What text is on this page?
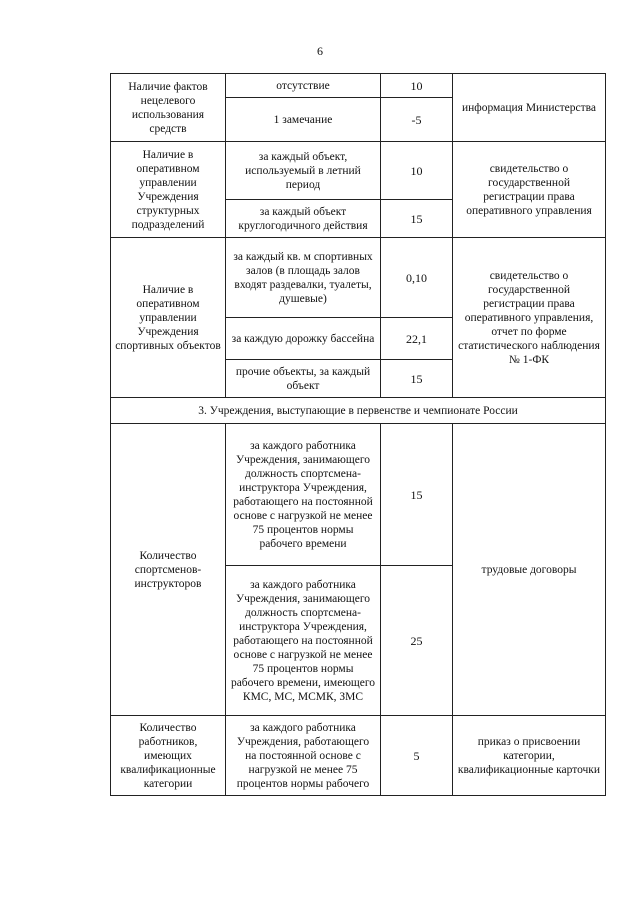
6
Наличие фактов нецелевого использования средств	отсутствие	10	информация Министерства
	1 замечание	-5	
Наличие в оперативном управлении Учреждения структурных подразделений	за каждый объект, используемый в летний период	10	свидетельство о государственной регистрации права оперативного управления
	за каждый объект круглогодичного действия	15	
Наличие в оперативном управлении Учреждения спортивных объектов	за каждый кв. м спортивных залов (в площадь залов входят раздевалки, туалеты, душевые)	0,10	свидетельство о государственной регистрации права оперативного управления, отчет по форме статистического наблюдения № 1-ФК
	за каждую дорожку бассейна	22,1	
	прочие объекты, за каждый объект	15	
3. Учреждения, выступающие в первенстве и чемпионате России			
Количество спортсменов-инструкторов	за каждого работника Учреждения, занимающего должность спортсмена-инструктора Учреждения, работающего на постоянной основе с нагрузкой не менее 75 процентов нормы рабочего времени	15	трудовые договоры
	за каждого работника Учреждения, занимающего должность спортсмена-инструктора Учреждения, работающего на постоянной основе с нагрузкой не менее 75 процентов нормы рабочего времени, имеющего КМС, МС, МСМК, ЗМС	25	
Количество работников, имеющих квалификационные категории	за каждого работника Учреждения, работающего на постоянной основе с нагрузкой не менее 75 процентов нормы рабочего	5	приказ о присвоении категории, квалификационные карточки
